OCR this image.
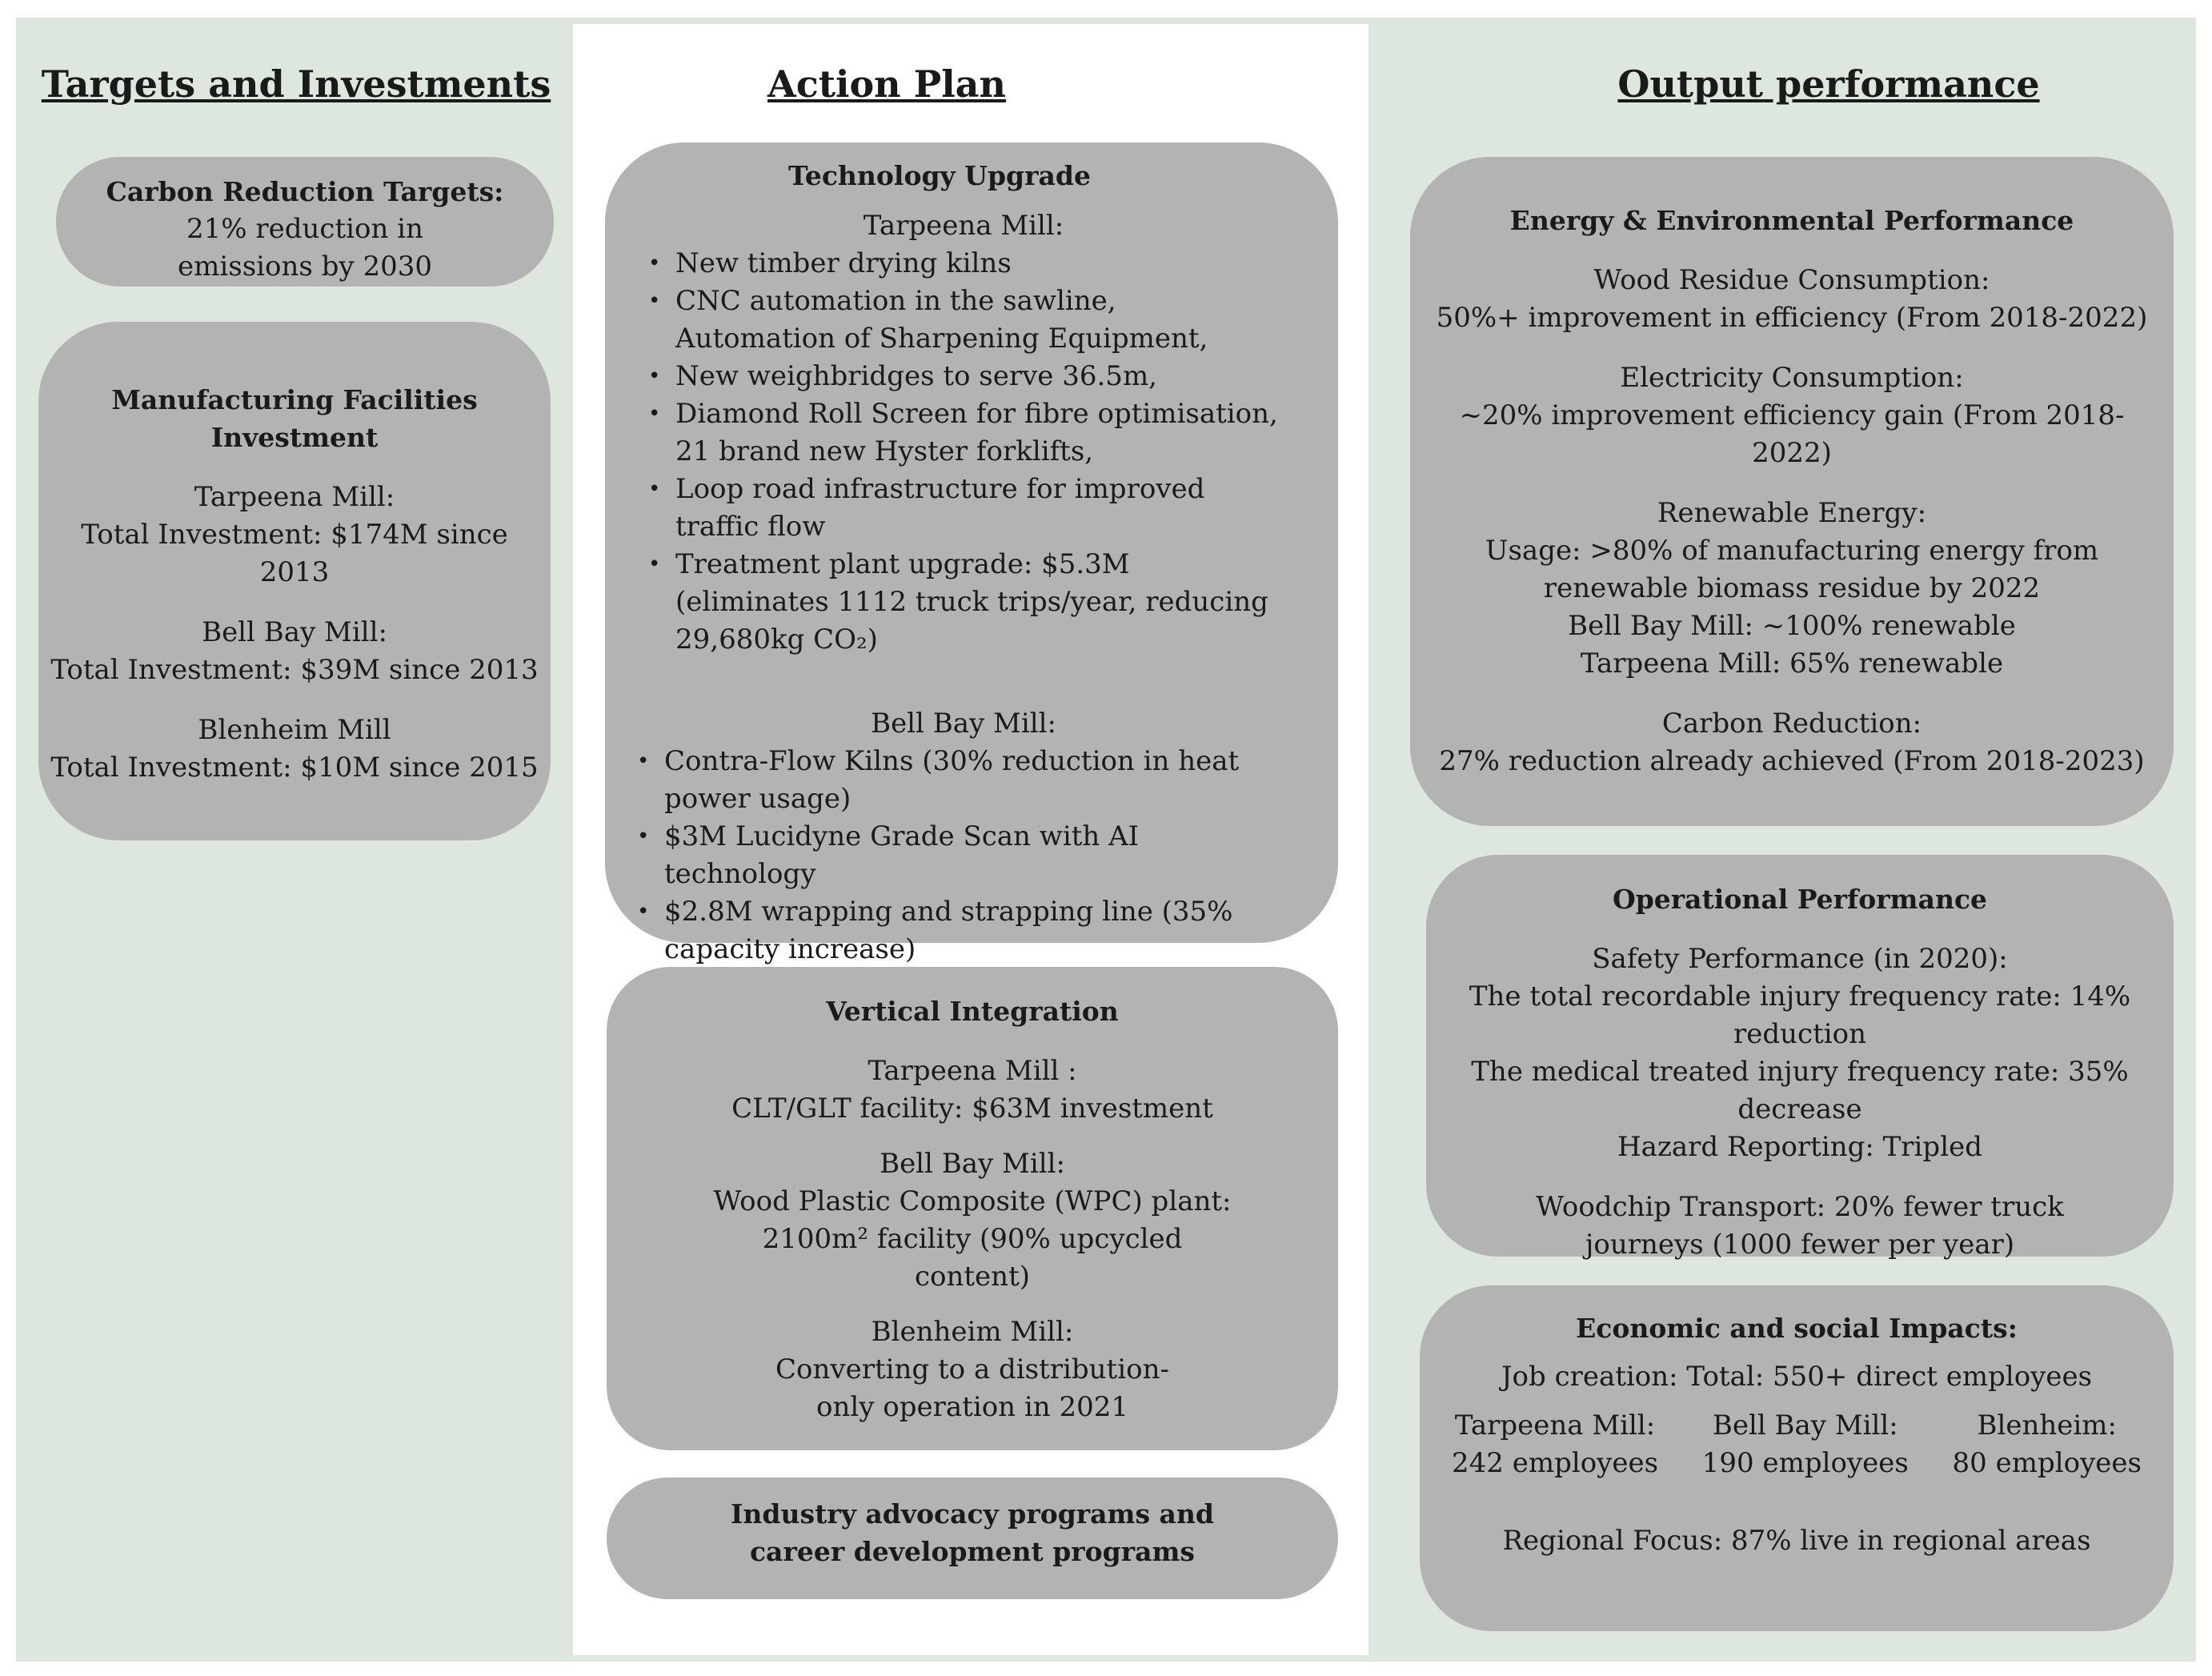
Targets and Investments	Action Plan	Output performance

Carbon Reduction Targets:

21% reduction in emissions by 2030

Manufacturing Facilities Investment

Tarpeena Mill:

Total Investment: $174M since 2013

Bell Bay Mill:

Total Investment: $39M since 2013

Blenheim Mill

Total Investment: $10M since 2015

Technology Upgrade

Tarpeena Mill:

• New timber drying kilns
• CNC automation in the sawline, Automation of Sharpening Equipment,
• New weighbridges to serve 36.5m,
• Diamond Roll Screen for fibre optimisation, 21 brand new Hyster forklifts,
• Loop road infrastructure for improved traffic flow
• Treatment plant upgrade: $5.3M (eliminates 1112 truck trips/year, reducing 29,680kg CO₂)

Bell Bay Mill:

• Contra-Flow Kilns (30% reduction in heat power usage)
• $3M Lucidyne Grade Scan with AI technology
• $2.8M wrapping and strapping line (35% capacity increase)
•

Vertical Integration

Tarpeena Mill :

CLT/GLT facility: $63M investment

Bell Bay Mill:

Wood Plastic Composite (WPC) plant: 2100m² facility (90% upcycled content)

Blenheim Mill:

Converting to a distribution-only operation in 2021

Industry advocacy programs and career development programs

Energy & Environmental Performance

Wood Residue Consumption:

50%+ improvement in efficiency (From 2018-2022)

Electricity Consumption:

~20% improvement efficiency gain (From 2018-2022)

Renewable Energy:

Usage: >80% of manufacturing energy from renewable biomass residue by 2022

Bell Bay Mill: ~100% renewable

Tarpeena Mill: 65% renewable

Carbon Reduction:

27% reduction already achieved (From 2018-2023)

Operational Performance

Safety Performance (in 2020):

The total recordable injury frequency rate: 14% reduction

The medical treated injury frequency rate: 35% decrease

Hazard Reporting: Tripled

Woodchip Transport: 20% fewer truck journeys (1000 fewer per year)

Economic and social Impacts:

Job creation: Total: 550+ direct employees

Tarpeena Mill:

242 employees

Bell Bay Mill:

190 employees

Blenheim:

80 employees

Regional Focus: 87% live in regional areas
